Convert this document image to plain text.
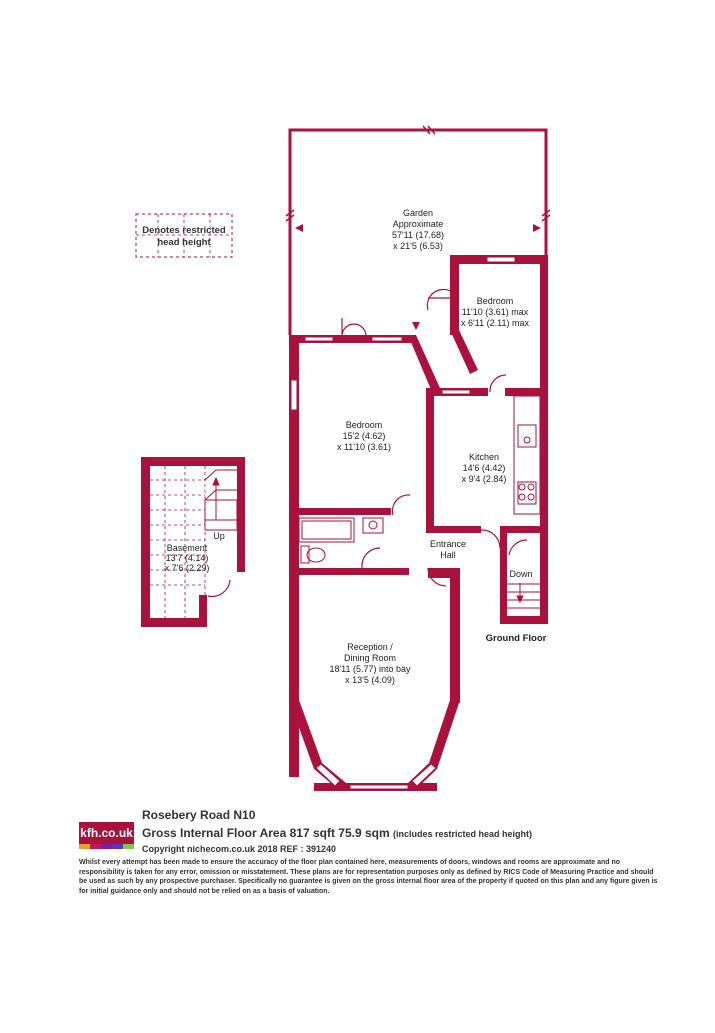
Denotes restricted
head height
Garden
Approximate
57'11 (17.68)
x 21'5 (6.53)
Bedroom
11'10 (3.61) max
x 6'11 (2.11) max
Bedroom
15'2 (4.62)
x 11'10 (3.61)
Kitchen
14'6 (4.42)
x 9'4 (2.84)
Entrance
Hall
Down
Basement
13'7 (4.14)
x 7'6 (2.29)
Up
Reception /
Dining Room
18'11 (5.77) into bay
x 13'5 (4.09)
Ground Floor
kfh.co.uk
Rosebery Road N10
Gross Internal Floor Area 817 sqft 75.9 sqm (includes restricted head height)
Copyright nichecom.co.uk 2018 REF : 391240
Whilst every attempt has been made to ensure the accuracy of the floor plan contained here, measurements of doors, windows and rooms are approximate and no responsibility is taken for any error, omission or misstatement. These plans are for representation purposes only as defined by RICS Code of Measuring Practice and should be used as such by any prospective purchaser. Specifically no guarantee is given on the gross internal floor area of the property if quoted on this plan and any figure given is for initial guidance only and should not be relied on as a basis of valuation.
